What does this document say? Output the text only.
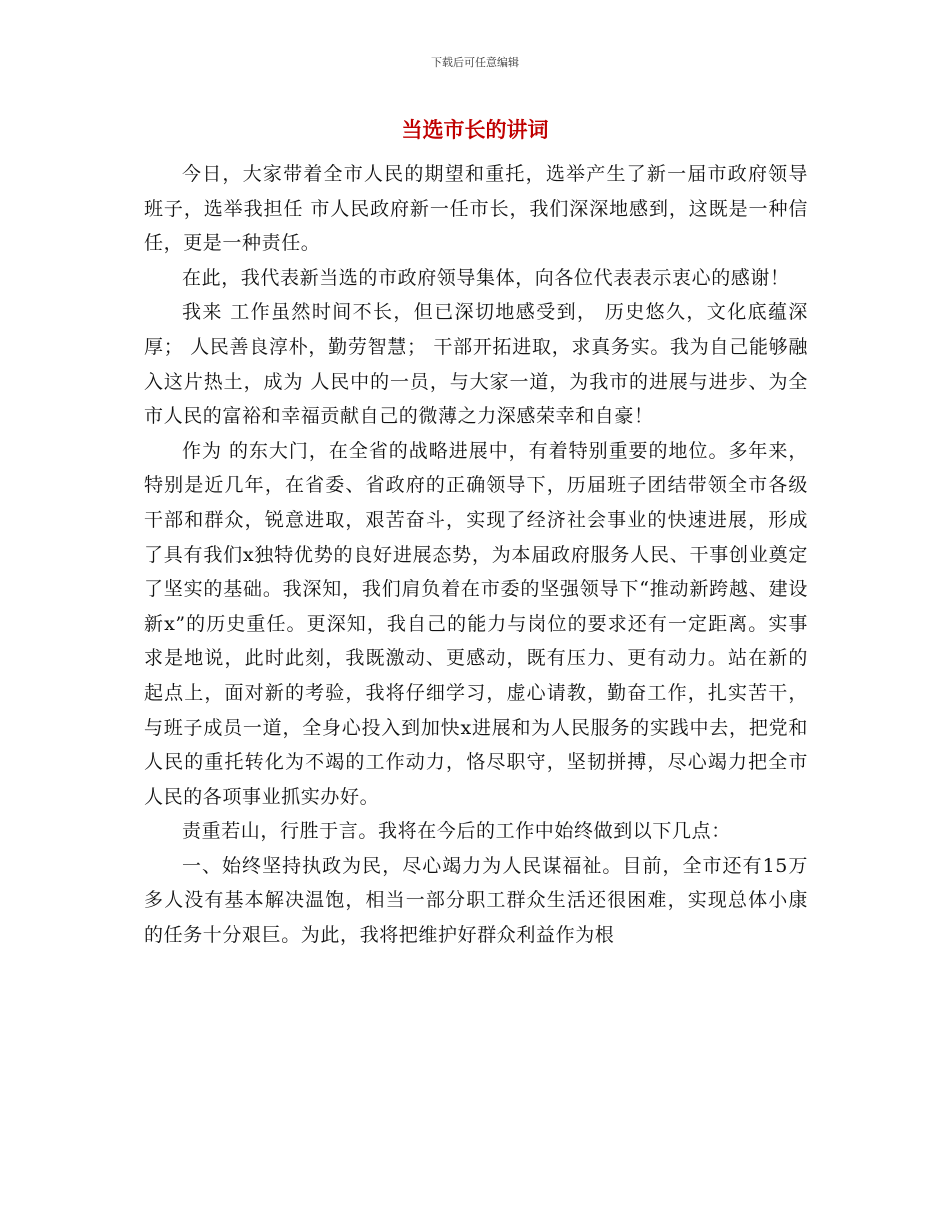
下载后可任意编辑
当选市长的讲词

今日，大家带着全市人民的期望和重托，选举产生了新一届市政府领导班子，选举我担任 市人民政府新一任市长，我们深深地感到，这既是一种信任，更是一种责任。

在此，我代表新当选的市政府领导集体，向各位代表表示衷心的感谢！

我来 工作虽然时间不长，但已深切地感受到， 历史悠久，文化底蕴深厚； 人民善良淳朴，勤劳智慧； 干部开拓进取，求真务实。我为自己能够融入这片热土，成为 人民中的一员，与大家一道，为我市的进展与进步、为全市人民的富裕和幸福贡献自己的微薄之力深感荣幸和自豪！

作为 的东大门，在全省的战略进展中，有着特别重要的地位。多年来，特别是近几年，在省委、省政府的正确领导下，历届班子团结带领全市各级干部和群众，锐意进取，艰苦奋斗，实现了经济社会事业的快速进展，形成了具有我们x独特优势的良好进展态势，为本届政府服务人民、干事创业奠定了坚实的基础。我深知，我们肩负着在市委的坚强领导下“推动新跨越、建设新x”的历史重任。更深知，我自己的能力与岗位的要求还有一定距离。实事求是地说，此时此刻，我既激动、更感动，既有压力、更有动力。站在新的起点上，面对新的考验，我将仔细学习，虚心请教，勤奋工作，扎实苦干，与班子成员一道，全身心投入到加快x进展和为人民服务的实践中去，把党和人民的重托转化为不竭的工作动力，恪尽职守，坚韧拼搏，尽心竭力把全市人民的各项事业抓实办好。

责重若山，行胜于言。我将在今后的工作中始终做到以下几点：

一、始终坚持执政为民，尽心竭力为人民谋福祉。目前，全市还有15万多人没有基本解决温饱，相当一部分职工群众生活还很困难，实现总体小康的任务十分艰巨。为此，我将把维护好群众利益作为根
